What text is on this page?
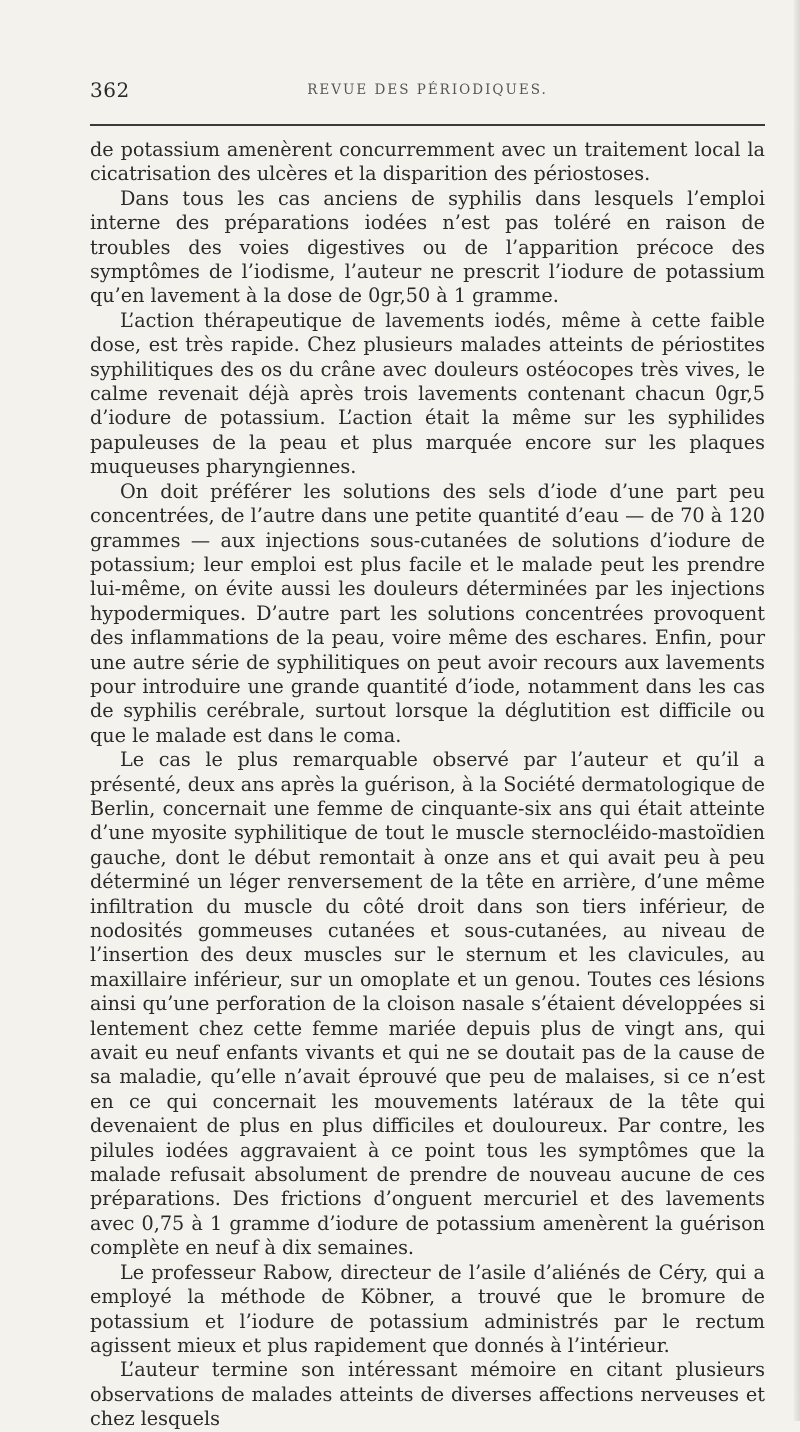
362	REVUE DES PÉRIODIQUES.

de potassium amenèrent concurremment avec un traitement local la cicatrisation des ulcères et la disparition des périostoses.

Dans tous les cas anciens de syphilis dans lesquels l’emploi interne des préparations iodées n’est pas toléré en raison de troubles des voies digestives ou de l’apparition précoce des symptômes de l’iodisme, l’auteur ne prescrit l’iodure de potassium qu’en lavement à la dose de 0gr,50 à 1 gramme.

L’action thérapeutique de lavements iodés, même à cette faible dose, est très rapide. Chez plusieurs malades atteints de périostites syphilitiques des os du crâne avec douleurs ostéocopes très vives, le calme revenait déjà après trois lavements contenant chacun 0gr,5 d’iodure de potassium. L’action était la même sur les syphilides papuleuses de la peau et plus marquée encore sur les plaques muqueuses pharyngiennes.

On doit préférer les solutions des sels d’iode d’une part peu concentrées, de l’autre dans une petite quantité d’eau — de 70 à 120 grammes — aux injections sous-cutanées de solutions d’iodure de potassium; leur emploi est plus facile et le malade peut les prendre lui-même, on évite aussi les douleurs déterminées par les injections hypodermiques. D’autre part les solutions concentrées provoquent des inflammations de la peau, voire même des eschares. Enfin, pour une autre série de syphilitiques on peut avoir recours aux lavements pour introduire une grande quantité d’iode, notamment dans les cas de syphilis cerébrale, surtout lorsque la déglutition est difficile ou que le malade est dans le coma.

Le cas le plus remarquable observé par l’auteur et qu’il a présenté, deux ans après la guérison, à la Société dermatologique de Berlin, concernait une femme de cinquante-six ans qui était atteinte d’une myosite syphilitique de tout le muscle sternocléido-mastoïdien gauche, dont le début remontait à onze ans et qui avait peu à peu déterminé un léger renversement de la tête en arrière, d’une même infiltration du muscle du côté droit dans son tiers inférieur, de nodosités gommeuses cutanées et sous-cutanées, au niveau de l’insertion des deux muscles sur le sternum et les clavicules, au maxillaire inférieur, sur un omoplate et un genou. Toutes ces lésions ainsi qu’une perforation de la cloison nasale s’étaient développées si lentement chez cette femme mariée depuis plus de vingt ans, qui avait eu neuf enfants vivants et qui ne se doutait pas de la cause de sa maladie, qu’elle n’avait éprouvé que peu de malaises, si ce n’est en ce qui concernait les mouvements latéraux de la tête qui devenaient de plus en plus difficiles et douloureux. Par contre, les pilules iodées aggravaient à ce point tous les symptômes que la malade refusait absolument de prendre de nouveau aucune de ces préparations. Des frictions d’onguent mercuriel et des lavements avec 0,75 à 1 gramme d’iodure de potassium amenèrent la guérison complète en neuf à dix semaines.

Le professeur Rabow, directeur de l’asile d’aliénés de Céry, qui a employé la méthode de Köbner, a trouvé que le bromure de potassium et l’iodure de potassium administrés par le rectum agissent mieux et plus rapidement que donnés à l’intérieur.

L’auteur termine son intéressant mémoire en citant plusieurs observations de malades atteints de diverses affections nerveuses et chez lesquels
